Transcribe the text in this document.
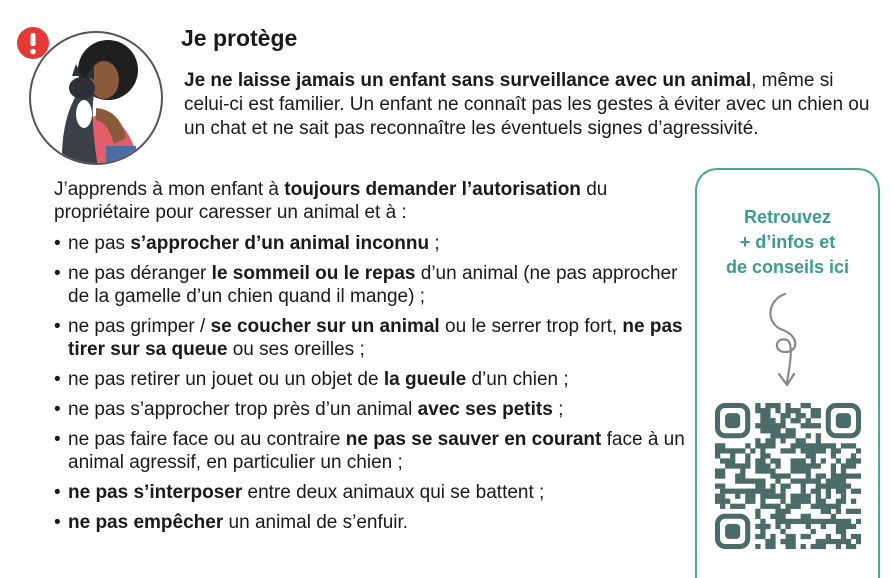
Je protège

Je ne laisse jamais un enfant sans surveillance avec un animal, même si celui-ci est familier. Un enfant ne connaît pas les gestes à éviter avec un chien ou un chat et ne sait pas reconnaître les éventuels signes d’agressivité.

J’apprends à mon enfant à toujours demander l’autorisation du propriétaire pour caresser un animal et à :

• ne pas s’approcher d’un animal inconnu ;
• ne pas déranger le sommeil ou le repas d’un animal (ne pas approcher de la gamelle d’un chien quand il mange) ;
• ne pas grimper / se coucher sur un animal ou le serrer trop fort, ne pas tirer sur sa queue ou ses oreilles ;
• ne pas retirer un jouet ou un objet de la gueule d’un chien ;
• ne pas s’approcher trop près d’un animal avec ses petits ;
• ne pas faire face ou au contraire ne pas se sauver en courant face à un animal agressif, en particulier un chien ;
• ne pas s’interposer entre deux animaux qui se battent ;
• ne pas empêcher un animal de s’enfuir.

Retrouvez
+ d’infos et
de conseils ici
